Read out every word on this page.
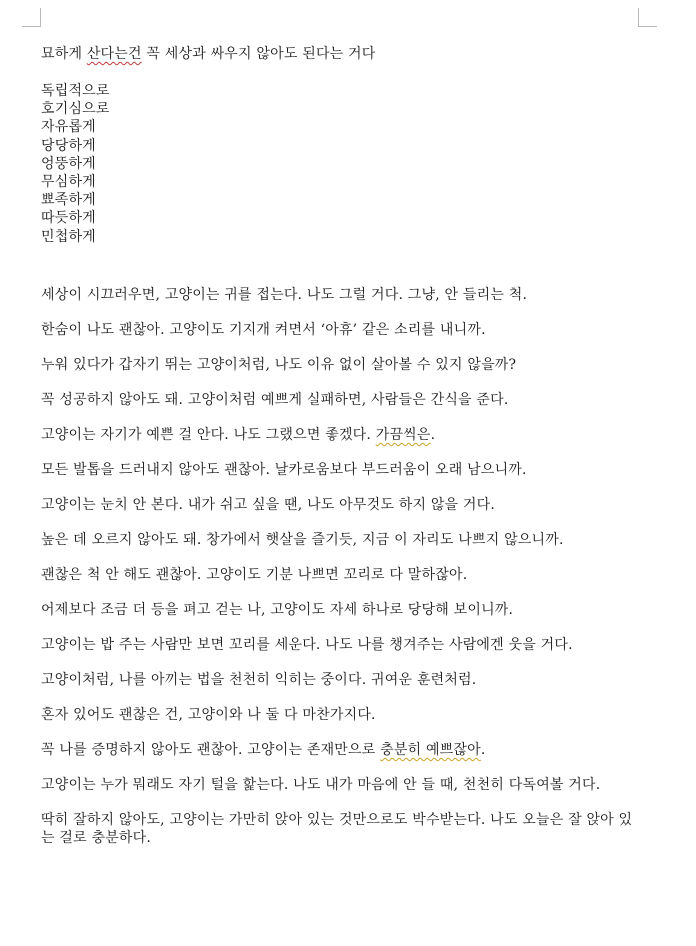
묘하게 산다는건 꼭 세상과 싸우지 않아도 된다는 거다
독립적으로
호기심으로
자유롭게
당당하게
엉뚱하게
무심하게
뾰족하게
따듯하게
민첩하게

세상이 시끄러우면, 고양이는 귀를 접는다. 나도 그럴 거다. 그냥, 안 들리는 척.

한숨이 나도 괜찮아. 고양이도 기지개 켜면서 ‘아휴’ 같은 소리를 내니까.

누워 있다가 갑자기 뛰는 고양이처럼, 나도 이유 없이 살아볼 수 있지 않을까?

꼭 성공하지 않아도 돼. 고양이처럼 예쁘게 실패하면, 사람들은 간식을 준다.

고양이는 자기가 예쁜 걸 안다. 나도 그랬으면 좋겠다. 가끔씩은.

모든 발톱을 드러내지 않아도 괜찮아. 날카로움보다 부드러움이 오래 남으니까.

고양이는 눈치 안 본다. 내가 쉬고 싶을 땐, 나도 아무것도 하지 않을 거다.

높은 데 오르지 않아도 돼. 창가에서 햇살을 즐기듯, 지금 이 자리도 나쁘지 않으니까.

괜찮은 척 안 해도 괜찮아. 고양이도 기분 나쁘면 꼬리로 다 말하잖아.

어제보다 조금 더 등을 펴고 걷는 나, 고양이도 자세 하나로 당당해 보이니까.

고양이는 밥 주는 사람만 보면 꼬리를 세운다. 나도 나를 챙겨주는 사람에겐 웃을 거다.

고양이처럼, 나를 아끼는 법을 천천히 익히는 중이다. 귀여운 훈련처럼.

혼자 있어도 괜찮은 건, 고양이와 나 둘 다 마찬가지다.

꼭 나를 증명하지 않아도 괜찮아. 고양이는 존재만으로 충분히 예쁘잖아.

고양이는 누가 뭐래도 자기 털을 핥는다. 나도 내가 마음에 안 들 때, 천천히 다독여볼 거다.

딱히 잘하지 않아도, 고양이는 가만히 앉아 있는 것만으로도 박수받는다. 나도 오늘은 잘 앉아 있는 걸로 충분하다.
